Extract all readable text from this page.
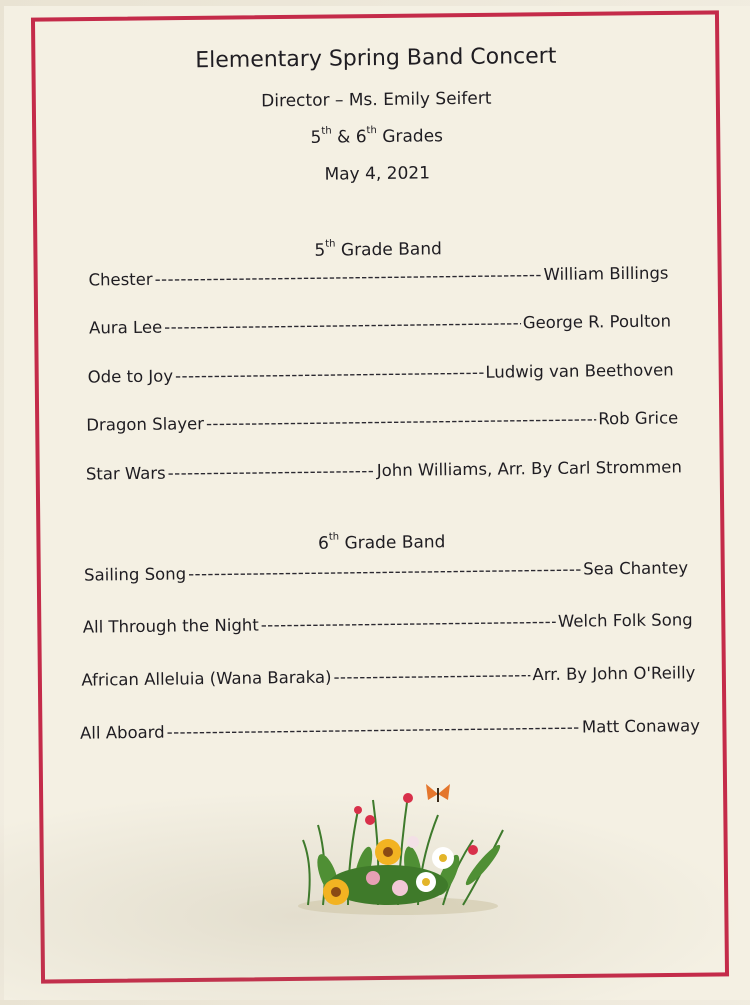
Elementary Spring Band Concert
Director – Ms. Emily Seifert
5th & 6th Grades
May 4, 2021
5th Grade Band
Chester -----	William Billings
Aura Lee -----	George R. Poulton
Ode to Joy -----	Ludwig van Beethoven
Dragon Slayer -----	Rob Grice
Star Wars -----	John Williams, Arr. By Carl Strommen
6th Grade Band
Sailing Song -----	Sea Chantey
All Through the Night -----	Welch Folk Song
African Alleluia (Wana Baraka) -----	Arr. By John O'Reilly
All Aboard -----	Matt Conaway
